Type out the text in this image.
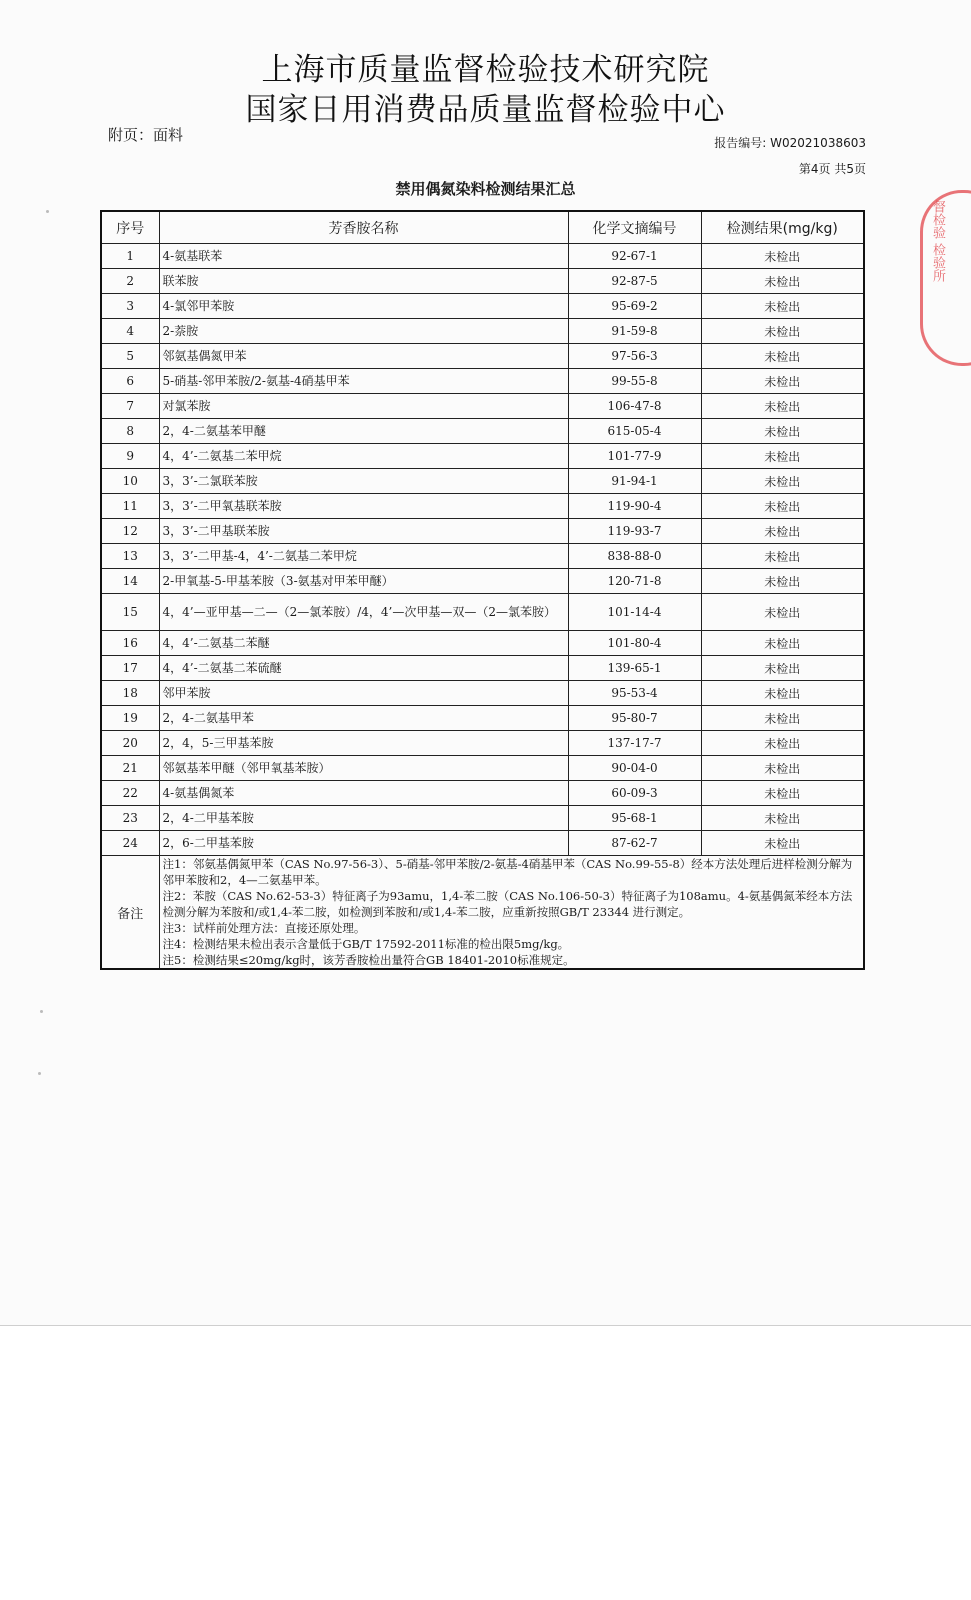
上海市质量监督检验技术研究院
国家日用消费品质量监督检验中心
附页：面料	报告编号: W02021038603
第4页 共5页
禁用偶氮染料检测结果汇总
序号	芳香胺名称	化学文摘编号	检测结果(mg/kg)
1	4-氨基联苯	92-67-1	未检出
2	联苯胺	92-87-5	未检出
3	4-氯邻甲苯胺	95-69-2	未检出
4	2-萘胺	91-59-8	未检出
5	邻氨基偶氮甲苯	97-56-3	未检出
6	5-硝基-邻甲苯胺/2-氨基-4硝基甲苯	99-55-8	未检出
7	对氯苯胺	106-47-8	未检出
8	2，4-二氨基苯甲醚	615-05-4	未检出
9	4，4’-二氨基二苯甲烷	101-77-9	未检出
10	3，3’-二氯联苯胺	91-94-1	未检出
11	3，3’-二甲氧基联苯胺	119-90-4	未检出
12	3，3’-二甲基联苯胺	119-93-7	未检出
13	3，3’-二甲基-4，4’-二氨基二苯甲烷	838-88-0	未检出
14	2-甲氧基-5-甲基苯胺（3-氨基对甲苯甲醚）	120-71-8	未检出
15	4，4’—亚甲基—二—（2—氯苯胺）/4，4’—次甲基—双—（2—氯苯胺）	101-14-4	未检出
16	4，4’-二氨基二苯醚	101-80-4	未检出
17	4，4’-二氨基二苯硫醚	139-65-1	未检出
18	邻甲苯胺	95-53-4	未检出
19	2，4-二氨基甲苯	95-80-7	未检出
20	2，4，5-三甲基苯胺	137-17-7	未检出
21	邻氨基苯甲醚（邻甲氧基苯胺）	90-04-0	未检出
22	4-氨基偶氮苯	60-09-3	未检出
23	2，4-二甲基苯胺	95-68-1	未检出
24	2，6-二甲基苯胺	87-62-7	未检出
备注	注1：邻氨基偶氮甲苯（CAS No.97-56-3）、5-硝基-邻甲苯胺/2-氨基-4硝基甲苯（CAS No.99-55-8）经本方法处理后进样检测分解为邻甲苯胺和2，4—二氨基甲苯。
注2：苯胺（CAS No.62-53-3）特征离子为93amu，1,4-苯二胺（CAS No.106-50-3）特征离子为108amu。4-氨基偶氮苯经本方法检测分解为苯胺和/或1,4-苯二胺，如检测到苯胺和/或1,4-苯二胺，应重新按照GB/T 23344 进行测定。
注3：试样前处理方法：直接还原处理。
注4：检测结果未检出表示含量低于GB/T 17592-2011标准的检出限5mg/kg。
注5：检测结果≤20mg/kg时，该芳香胺检出量符合GB 18401-2010标准规定。		
督检验 检验所
